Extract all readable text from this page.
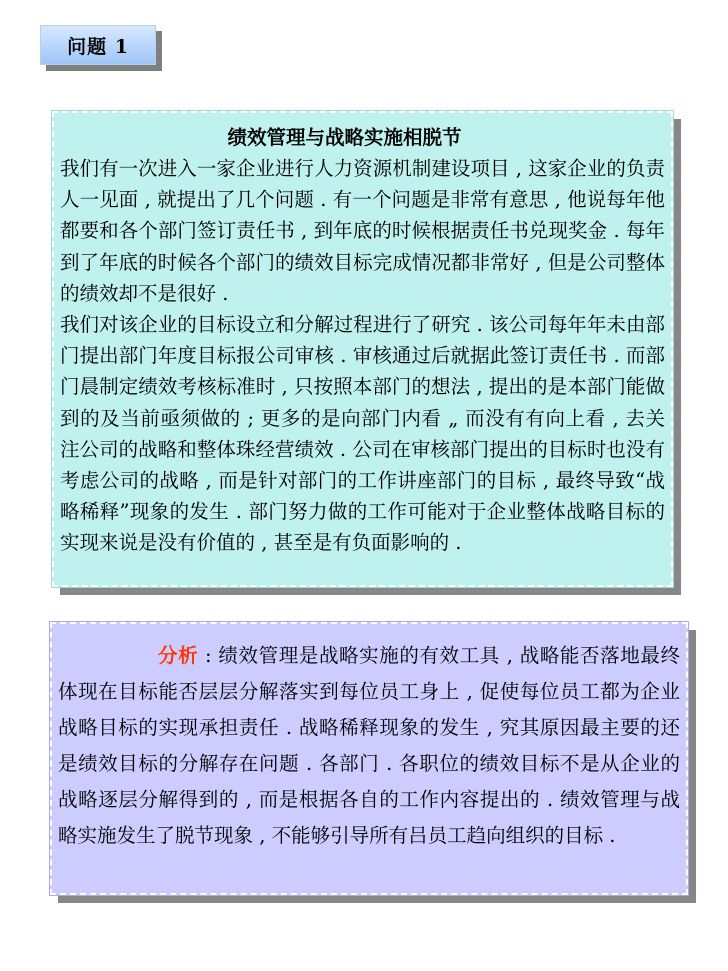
问题 1
绩效管理与战略实施相脱节

我们有一次进入一家企业进行人力资源机制建设项目 , 这家企业的负责人一见面 , 就提出了几个问题 . 有一个问题是非常有意思 , 他说每年他都要和各个部门签订责任书 , 到年底的时候根据责任书兑现奖金 . 每年到了年底的时候各个部门的绩效目标完成情况都非常好 , 但是公司整体的绩效却不是很好 .

我们对该企业的目标设立和分解过程进行了研究 . 该公司每年年未由部门提出部门年度目标报公司审核 . 审核通过后就据此签订责任书 . 而部门晨制定绩效考核标准时 , 只按照本部门的想法 , 提出的是本部门能做到的及当前亟须做的 ; 更多的是向部门内看 „ 而没有有向上看 , 去关注公司的战略和整体珠经营绩效 . 公司在审核部门提出的目标时也没有考虑公司的战略 , 而是针对部门的工作讲座部门的目标 , 最终导致“战略稀释”现象的发生 . 部门努力做的工作可能对于企业整体战略目标的实现来说是没有价值的 , 甚至是有负面影响的 .

分析 : 绩效管理是战略实施的有效工具 , 战略能否落地最终体现在目标能否层层分解落实到每位员工身上 , 促使每位员工都为企业战略目标的实现承担责任 . 战略稀释现象的发生 , 究其原因最主要的还是绩效目标的分解存在问题 . 各部门 . 各职位的绩效目标不是从企业的战略逐层分解得到的 , 而是根据各自的工作内容提出的 . 绩效管理与战略实施发生了脱节现象 , 不能够引导所有吕员工趋向组织的目标 .
